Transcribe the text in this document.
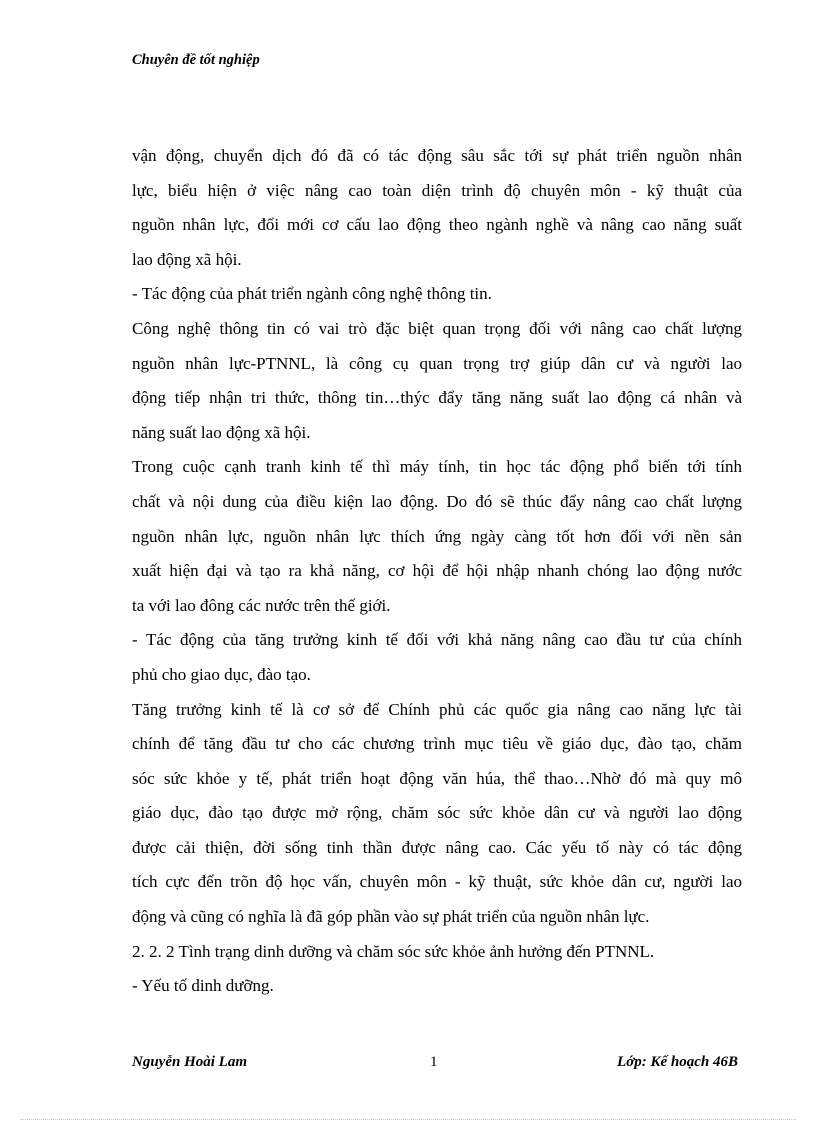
Chuyên đề tốt nghiệp
vận động, chuyển dịch đó đã có tác động sâu sắc tới sự phát triển nguồn nhân
lực, biểu hiện ở việc nâng cao toàn diện trình độ chuyên môn - kỹ thuật của
nguồn nhân lực, đổi mới cơ cấu lao động theo ngành nghề và nâng cao năng suất
lao động xã hội.
- Tác động của phát triển ngành công nghệ thông tin.
Công nghệ thông tin có vai trò đặc biệt quan trọng đối với nâng cao chất lượng
nguồn nhân lực-PTNNL, là công cụ quan trọng trợ giúp dân cư và người lao
động tiếp nhận tri thức, thông tin…thýc đẩy tăng năng suất lao động cá nhân và
năng suất lao động xã hội.
Trong cuộc cạnh tranh kinh tế thì máy tính, tin học tác động phổ biến tới tính
chất và nội dung của điều kiện lao động. Do đó sẽ thúc đẩy nâng cao chất lượng
nguồn nhân lực, nguồn nhân lực thích ứng ngày càng tốt hơn đối với nền sản
xuất hiện đại và tạo ra khả năng, cơ hội để hội nhập nhanh chóng lao động nước
ta với lao đông các nước trên thế giới.
- Tác động của tăng trưởng kinh tế đối với khả năng nâng cao đầu tư của chính
phủ cho giao dục, đào tạo.
Tăng trưởng kinh tế là cơ sở để Chính phủ các quốc gia nâng cao năng lực tài
chính để tăng đầu tư cho các chương trình mục tiêu về giáo dục, đào tạo, chăm
sóc sức khỏe y tế, phát triển hoạt động văn húa, thể thao…Nhờ đó mà quy mô
giáo dục, đào tạo được mở rộng, chăm sóc sức khỏe dân cư và người lao động
được cải thiện, đời sống tinh thần được nâng cao. Các yếu tố này có tác động
tích cực đến trõn độ học vấn, chuyên môn - kỹ thuật, sức khỏe dân cư, người lao
động và cũng có nghĩa là đã góp phần vào sự phát triển của nguồn nhân lực.
2. 2. 2 Tình trạng dinh dưỡng và chăm sóc sức khỏe ảnh hưởng đến PTNNL.
- Yếu tố dinh dưỡng.
Nguyễn Hoài Lam	1	Lớp: Kế hoạch 46B
